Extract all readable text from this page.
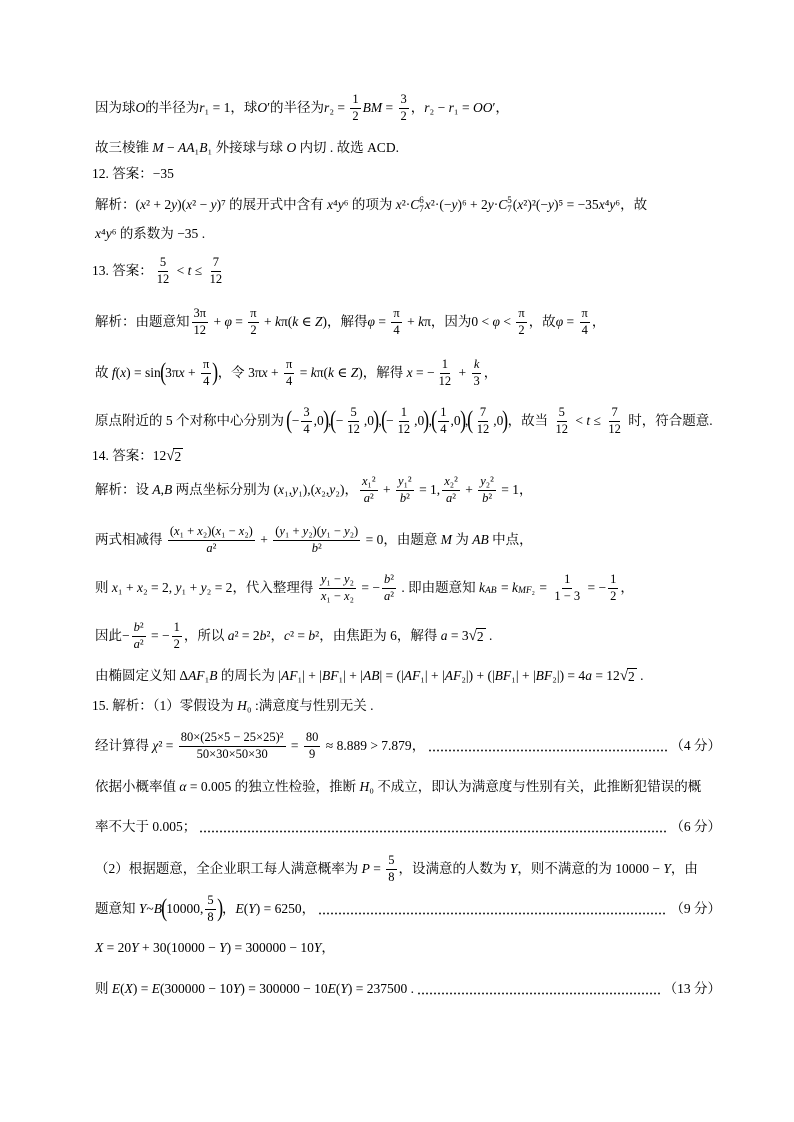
因为球 O 的半径为 r₁ = 1 ，球 O′ 的半径为 $r_2 = \frac{1}{2}$ BM = $\frac{3}{2}$ ， r₂ − r₁ = OO′ ，
故三棱锥 M − AA₁B₁ 外接球与球 O 内切 . 故选 ACD.
12. 答案： −35
解析： (x² + 2y)(x² − y)⁷ 的展开式中含有 x⁴y⁶ 的项为 x²·C 6
7 x²·(−y)⁶ + 2y·C 5
7 (x²)²(−y)⁵ = −35x⁴y⁶ ，故
x⁴y⁶ 的系数为 −35 .
13. 答案： $\frac{5}{12} < t \le \frac{7}{12}$
解析：由题意知 $\frac{3\pi}{12} + \varphi = \frac{\pi}{2} + k\pi(k$ ∈ Z) ，解得 $\varphi = \frac{\pi}{4} + k\pi$ ，因为 $0 < \varphi < \frac{\pi}{2}$ ，故 $\varphi = \frac{\pi}{4}$ ，
故 f(x) = sin ( $3\pi x + \frac{\pi}{4}$ ) ，令 $3\pi x + \frac{\pi}{4} = k\pi(k$ ∈ Z) ，解得 x = − $\frac{1}{12} + \frac{k}{3}$ ，
原点附近的 5 个对称中心分别为 ( − $\frac{3}{4} ,0$ ) , ( − $\frac{5}{12} ,0$ ) , ( − $\frac{1}{12} ,0$ ) , ( $\frac{1}{4} ,0$ ) , ( $\frac{7}{12} ,0$ ) ，故当 $\frac{5}{12} < t \le \frac{7}{12}$ 时，符合题意.
14. 答案： 12 √ 2
解析：设 A,B 两点坐标分别为 (x₁,y₁),(x₂,y₂) ， $\frac{\text{x₁²}}{\text{a²}} + \frac{\text{y₁²}}{\text{b²}} = 1$, $\frac{\text{x₂²}}{\text{a²}} + \frac{\text{y₂²}}{\text{b²}} = 1$ ，
两式相减得 $\frac{\text{(x₁ + x₂)(x₁ − x₂)}}{\text{a²}} + \frac{\text{(y₁ + y₂)(y₁ − y₂)}}{\text{b²}} = 0$ ，由题意 M 为 AB 中点，
则 x₁ + x₂ = 2, y₁ + y₂ = 2 ，代入整理得 $\frac{\text{y₁ − y₂}}{\text{x₁ − x₂}}$ = − $\frac{\text{b²}}{\text{a²}}$ . 即由题意知 k AB = k $MF_2 = \frac{1}{1 - 3}$ = − $\frac{1}{2}$ ，
因此 − $\frac{\text{b²}}{\text{a²}}$ = − $\frac{1}{2}$ ，所以 a² = 2b² ， c² = b² ，由焦距为 6，解得 a = 3 √ 2 .
由椭圆定义知 ΔAF₁B 的周长为 |AF₁| + |BF₁| + |AB| = (|AF₁| + |AF₂|) + (|BF₁| + |BF₂|) = 4a = 12 √ 2 .
15. 解析：（1）零假设为 H₀ :满意度与性别无关 .
经计算得 $\chi^2 = \frac{\text{80×(25×5 − 25×25)²}}{50\times 30\times 50\times 30} = \frac{80}{9} \approx 8.889 > 7.879$ ，	（4 分）
依据小概率值 α = 0.005 的独立性检验，推断 H₀ 不成立，即认为满意度与性别有关，此推断犯错误的概
率不大于 0.005 ；	（6 分）
（2）根据题意，全企业职工每人满意概率为 $P = \frac{5}{8}$ ，设满意的人数为 Y ，则不满意的为 10000 − Y ，由
题意知 Y~B ( 10000, $\frac{5}{8}$ ) ， E(Y) = 6250 ，	（9 分）
X = 20Y + 30(10000 − Y) = 300000 − 10Y ，
则 E(X) = E(300000 − 10Y) = 300000 − 10E(Y) = 237500 .	（13 分）
